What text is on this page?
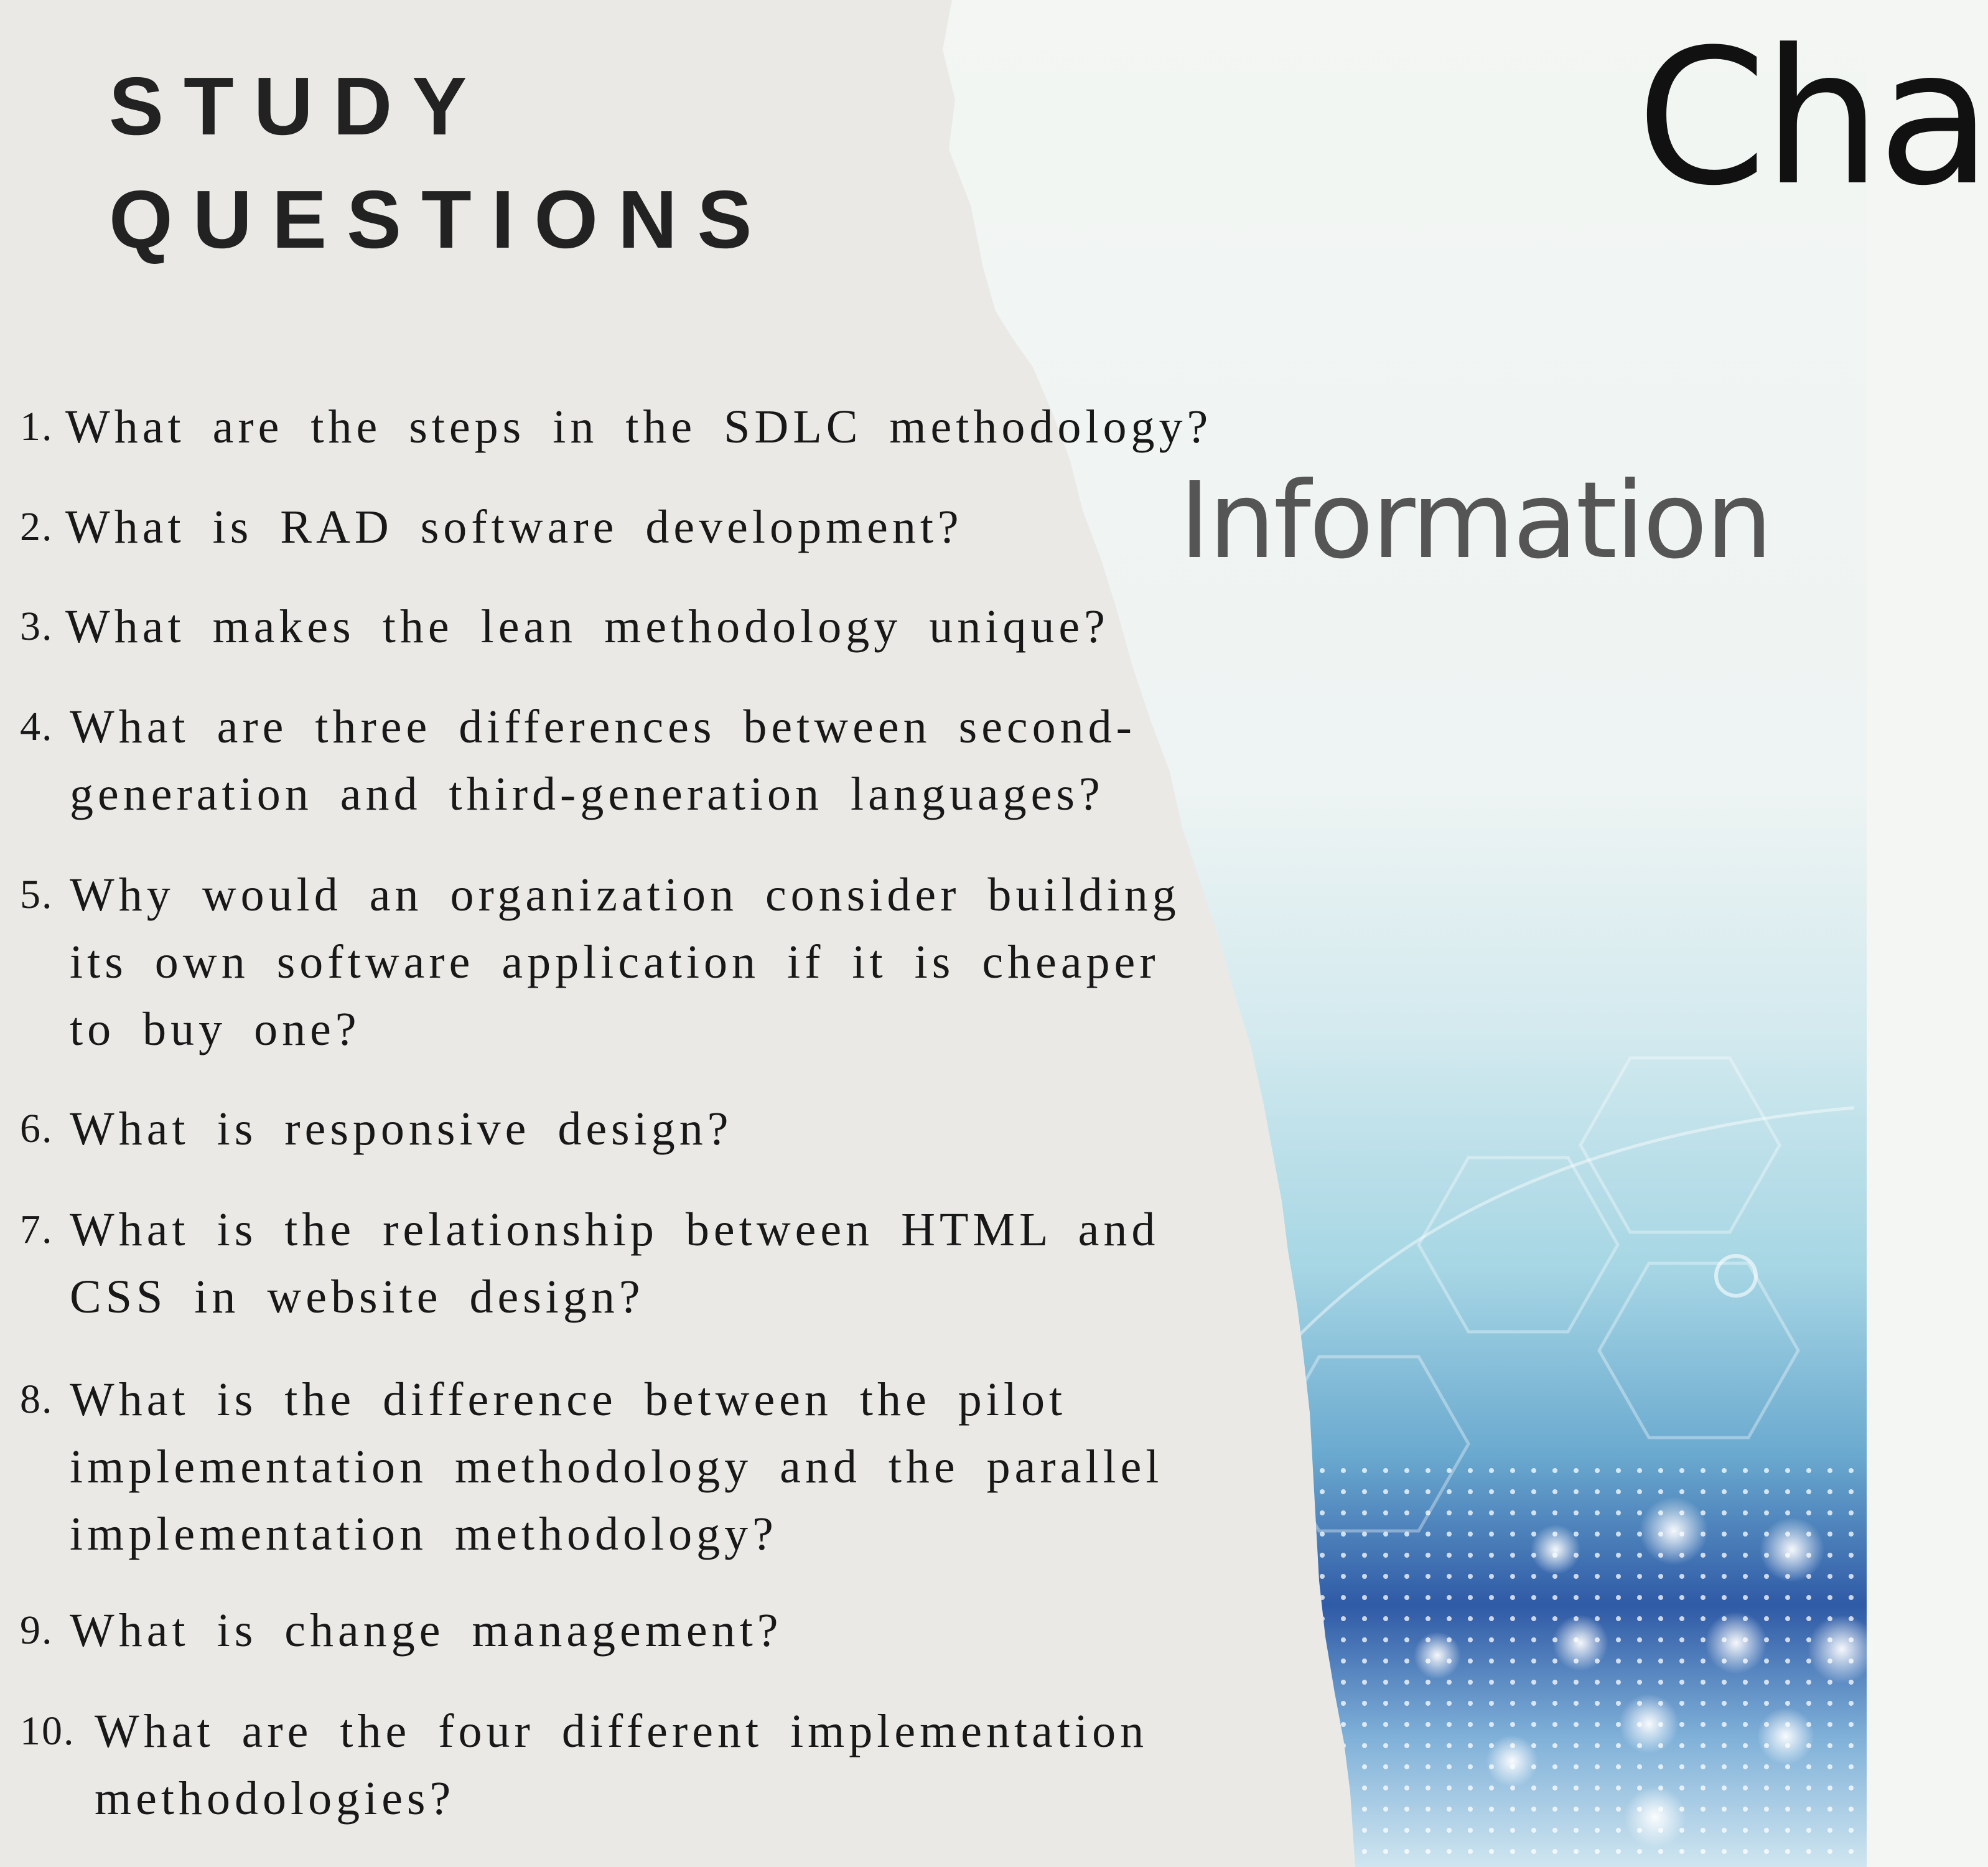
Cha
Information
STUDY
QUESTIONS
1. What are the steps in the SDLC methodology?
2. What is RAD software development?
3. What makes the lean methodology unique?
4. What are three differences between second-
generation and third-generation languages?
5. Why would an organization consider building
its own software application if it is cheaper
to buy one?
6. What is responsive design?
7. What is the relationship between HTML and
CSS in website design?
8. What is the difference between the pilot
implementation methodology and the parallel
implementation methodology?
9. What is change management?
10. What are the four different implementation
methodologies?
